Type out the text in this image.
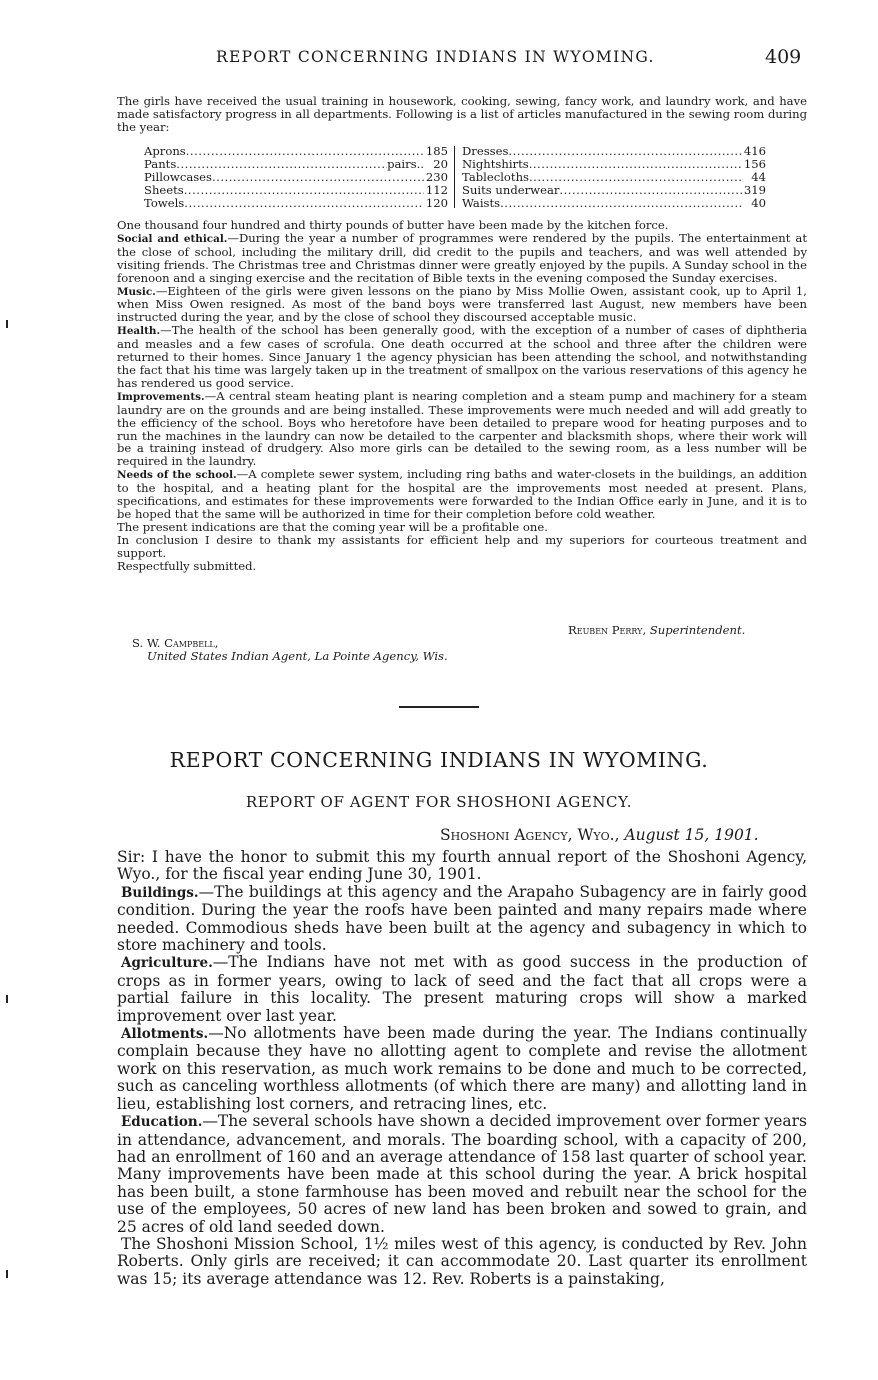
REPORT CONCERNING INDIANS IN WYOMING.	409

The girls have received the usual training in housework, cooking, sewing, fancy work, and laundry work, and have made satisfactory progress in all departments. Following is a list of articles manufactured in the sewing room during the year:

Aprons .....	185
Pants .....	pairs.. 20
Pillowcases .....	230
Sheets .....	112
Towels .....	120
Dresses .....	416
Nightshirts .....	156
Tablecloths .....	44
Suits underwear .....	319
Waists .....	40

One thousand four hundred and thirty pounds of butter have been made by the kitchen force.

Social and ethical.—During the year a number of programmes were rendered by the pupils. The entertainment at the close of school, including the military drill, did credit to the pupils and teachers, and was well attended by visiting friends. The Christmas tree and Christmas dinner were greatly enjoyed by the pupils. A Sunday school in the forenoon and a singing exercise and the recitation of Bible texts in the evening composed the Sunday exercises.

Music.—Eighteen of the girls were given lessons on the piano by Miss Mollie Owen, assistant cook, up to April 1, when Miss Owen resigned. As most of the band boys were transferred last August, new members have been instructed during the year, and by the close of school they discoursed acceptable music.

Health.—The health of the school has been generally good, with the exception of a number of cases of diphtheria and measles and a few cases of scrofula. One death occurred at the school and three after the children were returned to their homes. Since January 1 the agency physician has been attending the school, and notwithstanding the fact that his time was largely taken up in the treatment of smallpox on the various reservations of this agency he has rendered us good service.

Improvements.—A central steam heating plant is nearing completion and a steam pump and machinery for a steam laundry are on the grounds and are being installed. These improvements were much needed and will add greatly to the efficiency of the school. Boys who heretofore have been detailed to prepare wood for heating purposes and to run the machines in the laundry can now be detailed to the carpenter and blacksmith shops, where their work will be a training instead of drudgery. Also more girls can be detailed to the sewing room, as a less number will be required in the laundry.

Needs of the school.—A complete sewer system, including ring baths and water-closets in the buildings, an addition to the hospital, and a heating plant for the hospital are the improvements most needed at present. Plans, specifications, and estimates for these improvements were forwarded to the Indian Office early in June, and it is to be hoped that the same will be authorized in time for their completion before cold weather.

The present indications are that the coming year will be a profitable one.

In conclusion I desire to thank my assistants for efficient help and my superiors for courteous treatment and support.

Respectfully submitted.

Reuben Perry, Superintendent.
S. W. Campbell,
United States Indian Agent, La Pointe Agency, Wis.
REPORT CONCERNING INDIANS IN WYOMING.
REPORT OF AGENT FOR SHOSHONI AGENCY.
Shoshoni Agency, Wyo., August 15, 1901.

Sir: I have the honor to submit this my fourth annual report of the Shoshoni Agency, Wyo., for the fiscal year ending June 30, 1901.

Buildings.—The buildings at this agency and the Arapaho Subagency are in fairly good condition. During the year the roofs have been painted and many repairs made where needed. Commodious sheds have been built at the agency and subagency in which to store machinery and tools.

Agriculture.—The Indians have not met with as good success in the production of crops as in former years, owing to lack of seed and the fact that all crops were a partial failure in this locality. The present maturing crops will show a marked improvement over last year.

Allotments.—No allotments have been made during the year. The Indians continually complain because they have no allotting agent to complete and revise the allotment work on this reservation, as much work remains to be done and much to be corrected, such as canceling worthless allotments (of which there are many) and allotting land in lieu, establishing lost corners, and retracing lines, etc.

Education.—The several schools have shown a decided improvement over former years in attendance, advancement, and morals. The boarding school, with a capacity of 200, had an enrollment of 160 and an average attendance of 158 last quarter of school year. Many improvements have been made at this school during the year. A brick hospital has been built, a stone farmhouse has been moved and rebuilt near the school for the use of the employees, 50 acres of new land has been broken and sowed to grain, and 25 acres of old land seeded down.

The Shoshoni Mission School, 1½ miles west of this agency, is conducted by Rev. John Roberts. Only girls are received; it can accommodate 20. Last quarter its enrollment was 15; its average attendance was 12. Rev. Roberts is a painstaking,
